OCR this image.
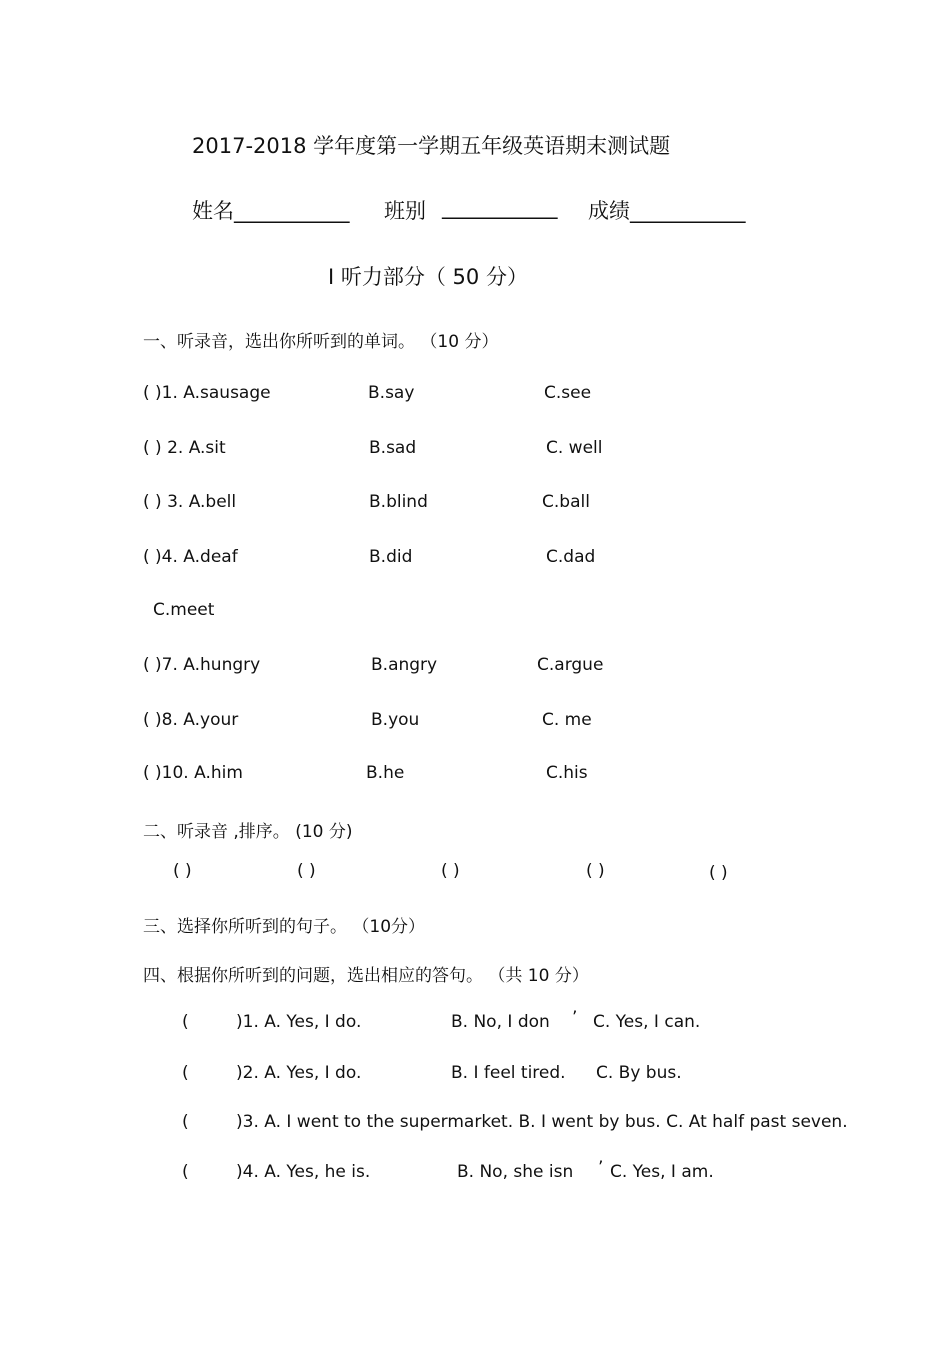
2017-2018 学年度第一学期五年级英语期末测试题
姓名___________ 班别 ___________ 成绩___________
Ⅰ 听力部分（ 50 分）
一、听录音，选出你所听到的单词。 （10 分）
( )1. A.sausage	B.say	C.see
( ) 2. A.sit	B.sad	C. well
( ) 3. A.bell	B.blind	C.ball
( )4. A.deaf	B.did	C.dad
C.meet
( )7. A.hungry	B.angry	C.argue
( )8. A.your	B.you	C. me
( )10. A.him	B.he	C.his
二、听录音 ,排序。 (10 分)
( )	( )	( )	( )	( )
三、选择你所听到的句子。 （10分）
四、根据你所听到的问题，选出相应的答句。 （共 10 分）
(	)1. A. Yes, I do.	B. No, I don ’ C. Yes, I can.
(	)2. A. Yes, I do.	B. I feel tired. C. By bus.
(	)3. A. I went to the supermarket. B. I went by bus. C. At half past seven.
(	)4. A. Yes, he is.	B. No, she isn ’ C. Yes, I am.
